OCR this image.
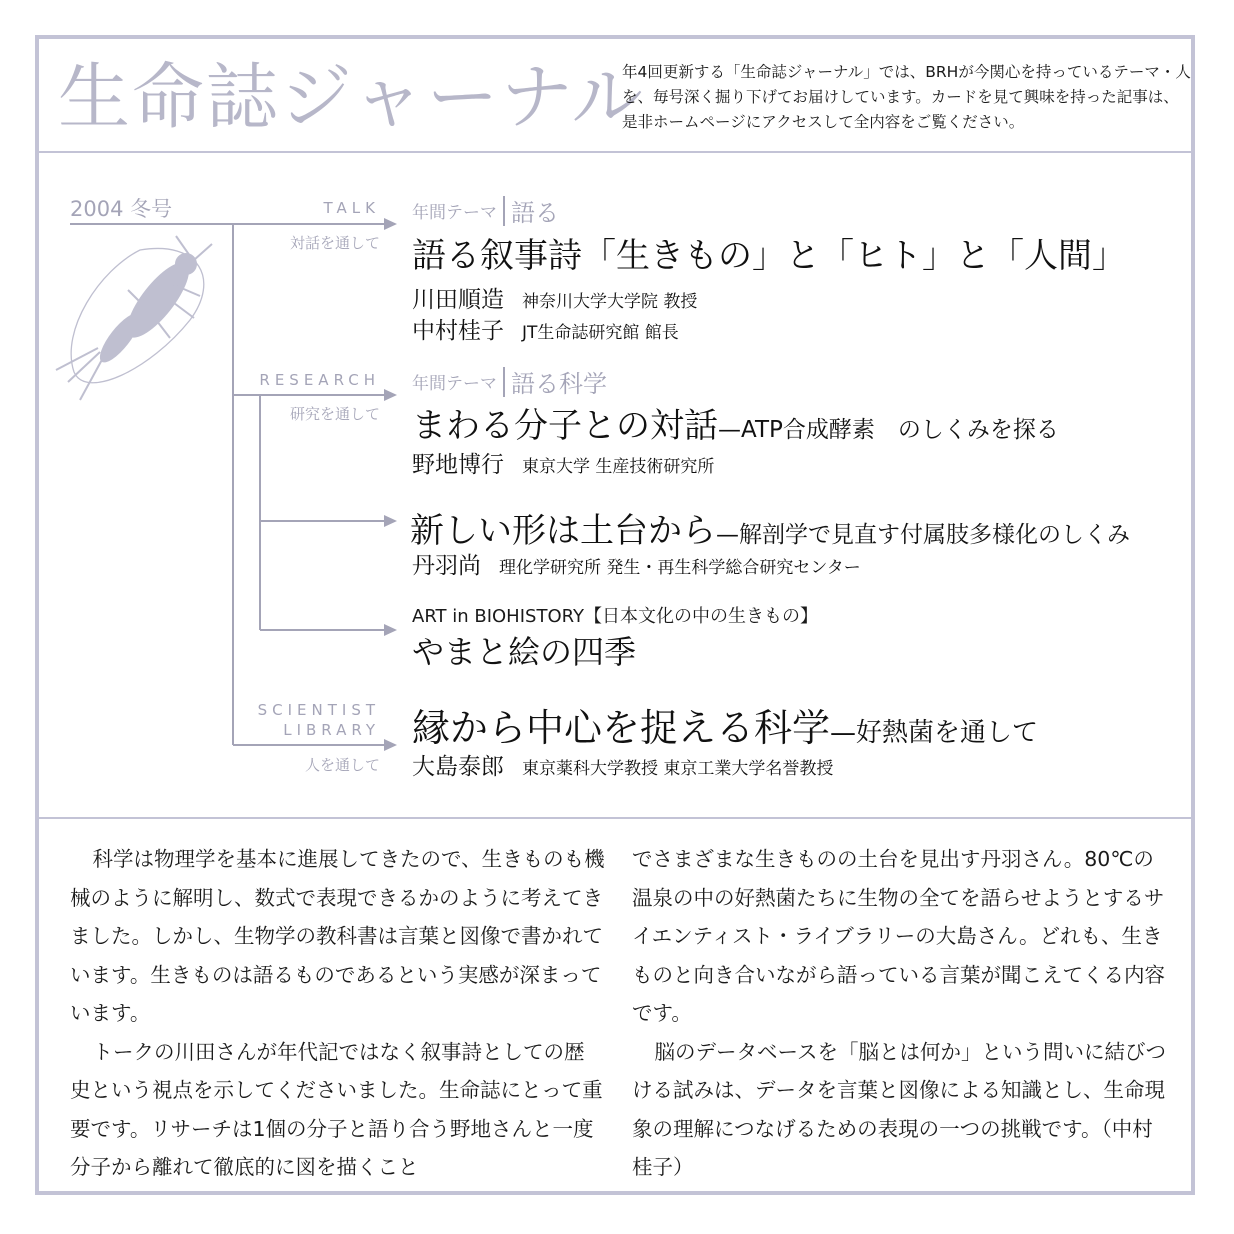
生命誌ジャーナル
年4回更新する「生命誌ジャーナル」では、BRHが今関心を持っているテーマ・人を、毎号深く掘り下げてお届けしています。カードを見て興味を持った記事は、是非ホームページにアクセスして全内容をご覧ください。
2004 冬号	TALK
対話を通して
年間テーマ 語る
語る叙事詩「生きもの」と「ヒト」と「人間」
川田順造 神奈川大学大学院 教授
中村桂子 JT生命誌研究館 館長
RESEARCH
研究を通して
年間テーマ 語る科学
まわる分子との対話—ATP合成酵素　のしくみを探る
野地博行 東京大学 生産技術研究所
新しい形は土台から—解剖学で見直す付属肢多様化のしくみ
丹羽尚 理化学研究所 発生・再生科学総合研究センター
ART in BIOHISTORY【日本文化の中の生きもの】
やまと絵の四季
SCIENTIST
LIBRARY
人を通して
縁から中心を捉える科学—好熱菌を通して
大島泰郎 東京薬科大学教授 東京工業大学名誉教授

科学は物理学を基本に進展してきたので、生きものも機械のように解明し、数式で表現できるかのように考えてきました。しかし、生物学の教科書は言葉と図像で書かれています。生きものは語るものであるという実感が深まっています。

トークの川田さんが年代記ではなく叙事詩としての歴史という視点を示してくださいました。生命誌にとって重要です。リサーチは1個の分子と語り合う野地さんと一度分子から離れて徹底的に図を描くこと

でさまざまな生きものの土台を見出す丹羽さん。80℃の温泉の中の好熱菌たちに生物の全てを語らせようとするサイエンティスト・ライブラリーの大島さん。どれも、生きものと向き合いながら語っている言葉が聞こえてくる内容です。

脳のデータベースを「脳とは何か」という問いに結びつける試みは、データを言葉と図像による知識とし、生命現象の理解につなげるための表現の一つの挑戦です。（中村桂子）
